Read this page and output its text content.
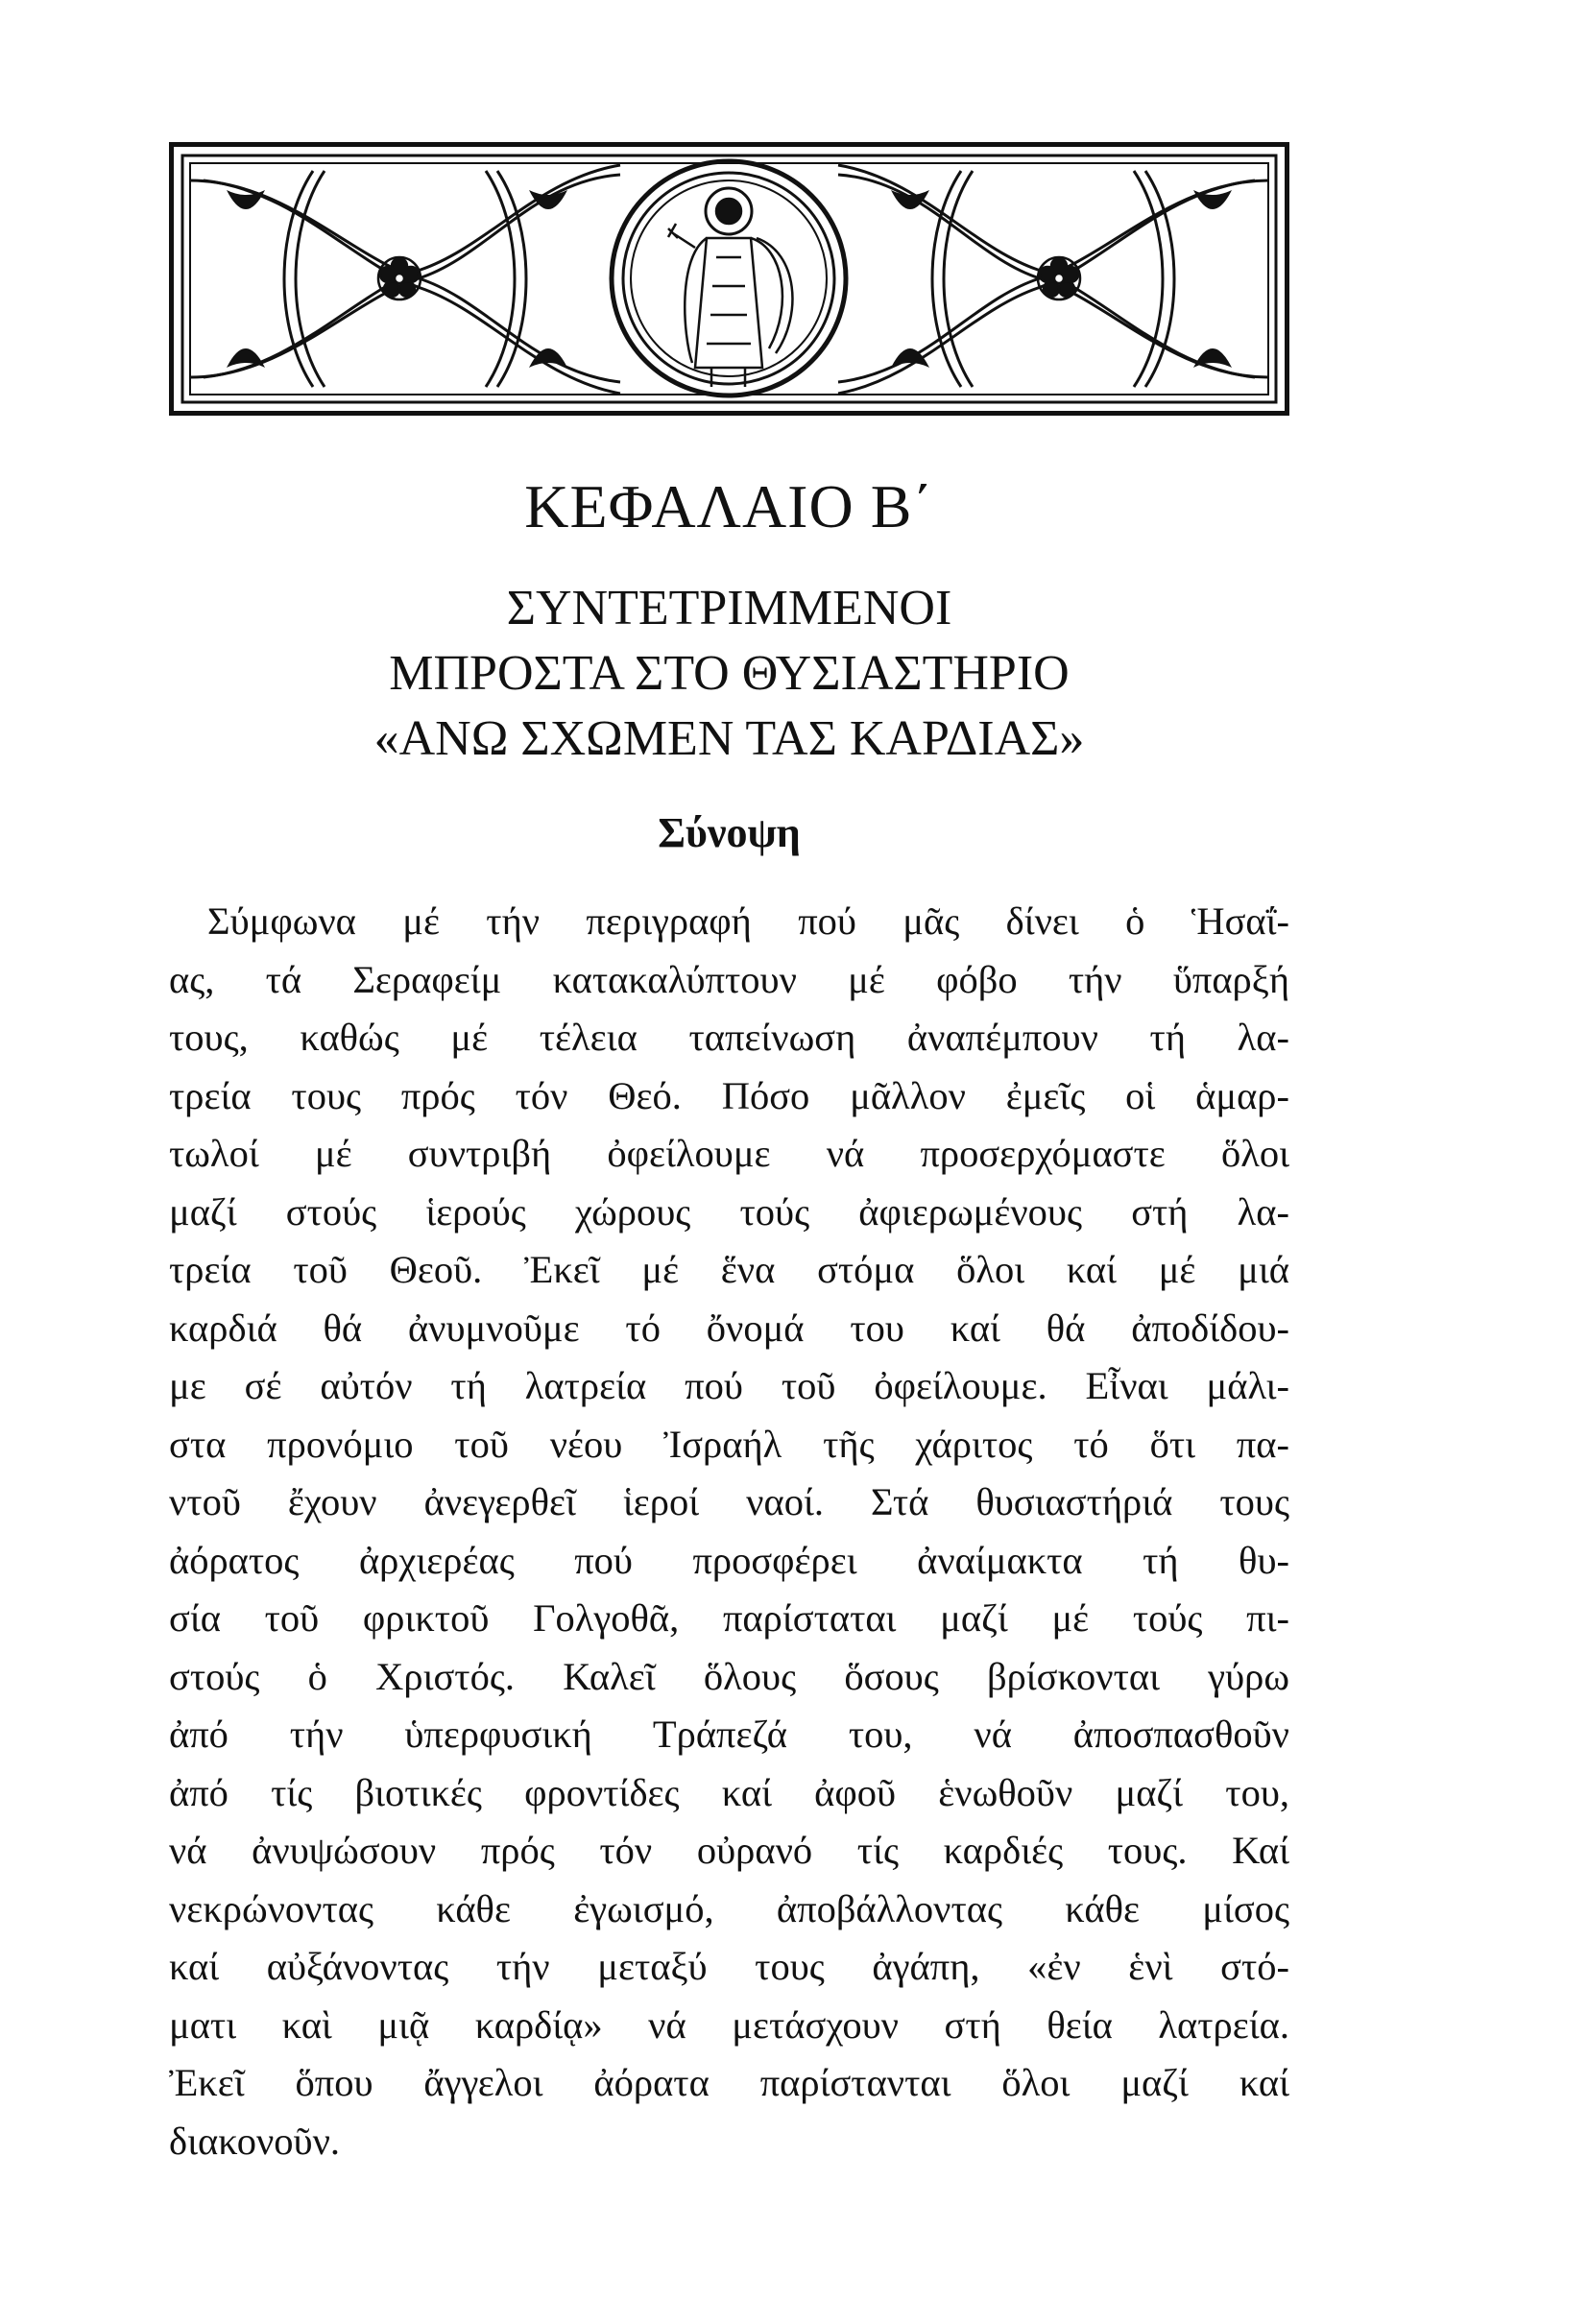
ΚΕΦΑΛΑΙΟ Β΄
ΣΥΝΤΕΤΡΙΜΜΕΝΟΙ
ΜΠΡΟΣΤΑ ΣΤΟ ΘΥΣΙΑΣΤΗΡΙΟ
«ΑΝΩ ΣΧΩΜΕΝ ΤΑΣ ΚΑΡΔΙΑΣ»
Σύνοψη
Σύμφωνα μέ τήν περιγραφή πού μᾶς δίνει ὁ Ἡσαΐ-
ας, τά Σεραφείμ κατακαλύπτουν μέ φόβο τήν ὕπαρξή
τους, καθώς μέ τέλεια ταπείνωση ἀναπέμπουν τή λα-
τρεία τους πρός τόν Θεό. Πόσο μᾶλλον ἐμεῖς οἱ ἁμαρ-
τωλοί μέ συντριβή ὀφείλουμε νά προσερχόμαστε ὅλοι
μαζί στούς ἱερούς χώρους τούς ἀφιερωμένους στή λα-
τρεία τοῦ Θεοῦ. Ἐκεῖ μέ ἕνα στόμα ὅλοι καί μέ μιά
καρδιά θά ἀνυμνοῦμε τό ὄνομά του καί θά ἀποδίδου-
με σέ αὐτόν τή λατρεία πού τοῦ ὀφείλουμε. Εἶναι μάλι-
στα προνόμιο τοῦ νέου Ἰσραήλ τῆς χάριτος τό ὅτι πα-
ντοῦ ἔχουν ἀνεγερθεῖ ἱεροί ναοί. Στά θυσιαστήριά τους
ἀόρατος ἀρχιερέας πού προσφέρει ἀναίμακτα τή θυ-
σία τοῦ φρικτοῦ Γολγοθᾶ, παρίσταται μαζί μέ τούς πι-
στούς ὁ Χριστός. Καλεῖ ὅλους ὅσους βρίσκονται γύρω
ἀπό τήν ὑπερφυσική Τράπεζά του, νά ἀποσπασθοῦν
ἀπό τίς βιοτικές φροντίδες καί ἀφοῦ ἑνωθοῦν μαζί του,
νά ἀνυψώσουν πρός τόν οὐρανό τίς καρδιές τους. Καί
νεκρώνοντας κάθε ἐγωισμό, ἀποβάλλοντας κάθε μίσος
καί αὐξάνοντας τήν μεταξύ τους ἀγάπη, «ἐν ἑνὶ στό-
ματι καὶ μιᾷ καρδίᾳ» νά μετάσχουν στή θεία λατρεία.
Ἐκεῖ ὅπου ἄγγελοι ἀόρατα παρίστανται ὅλοι μαζί καί
διακονοῦν.
